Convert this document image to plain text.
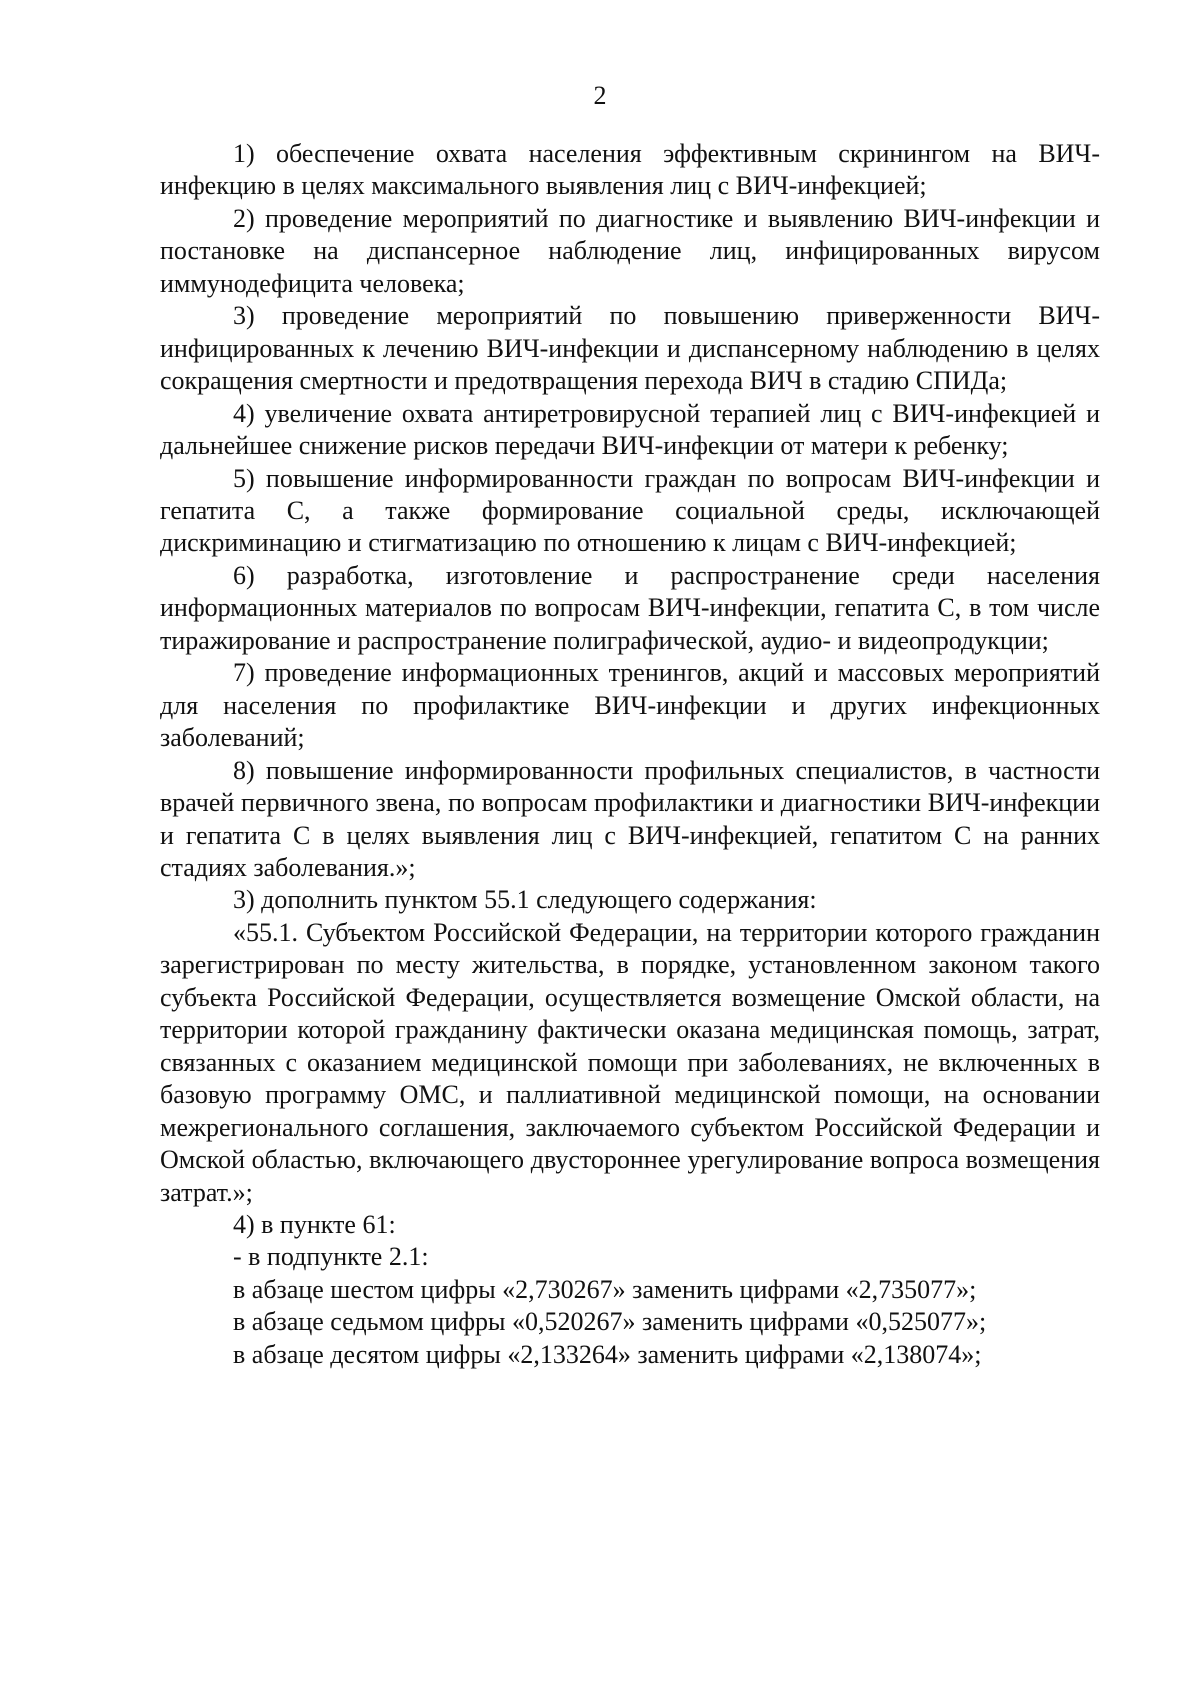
2

1) обеспечение охвата населения эффективным скринингом на ВИЧ-инфекцию в целях максимального выявления лиц с ВИЧ-инфекцией;

2) проведение мероприятий по диагностике и выявлению ВИЧ-инфекции и постановке на диспансерное наблюдение лиц, инфицированных вирусом иммунодефицита человека;

3) проведение мероприятий по повышению приверженности ВИЧ-инфицированных к лечению ВИЧ-инфекции и диспансерному наблюдению в целях сокращения смертности и предотвращения перехода ВИЧ в стадию СПИДа;

4) увеличение охвата антиретровирусной терапией лиц с ВИЧ-инфекцией и дальнейшее снижение рисков передачи ВИЧ-инфекции от матери к ребенку;

5) повышение информированности граждан по вопросам ВИЧ-инфекции и гепатита С, а также формирование социальной среды, исключающей дискриминацию и стигматизацию по отношению к лицам с ВИЧ-инфекцией;

6) разработка, изготовление и распространение среди населения информационных материалов по вопросам ВИЧ-инфекции, гепатита С, в том числе тиражирование и распространение полиграфической, аудио- и видеопродукции;

7) проведение информационных тренингов, акций и массовых мероприятий для населения по профилактике ВИЧ-инфекции и других инфекционных заболеваний;

8) повышение информированности профильных специалистов, в частности врачей первичного звена, по вопросам профилактики и диагностики ВИЧ-инфекции и гепатита С в целях выявления лиц с ВИЧ-инфекцией, гепатитом С на ранних стадиях заболевания.»;

3) дополнить пунктом 55.1 следующего содержания:

«55.1. Субъектом Российской Федерации, на территории которого гражданин зарегистрирован по месту жительства, в порядке, установленном законом такого субъекта Российской Федерации, осуществляется возмещение Омской области, на территории которой гражданину фактически оказана медицинская помощь, затрат, связанных с оказанием медицинской помощи при заболеваниях, не включенных в базовую программу ОМС, и паллиативной медицинской помощи, на основании межрегионального соглашения, заключаемого субъектом Российской Федерации и Омской областью, включающего двустороннее урегулирование вопроса возмещения затрат.»;

4) в пункте 61:

- в подпункте 2.1:

в абзаце шестом цифры «2,730267» заменить цифрами «2,735077»;

в абзаце седьмом цифры «0,520267» заменить цифрами «0,525077»;

в абзаце десятом цифры «2,133264» заменить цифрами «2,138074»;
